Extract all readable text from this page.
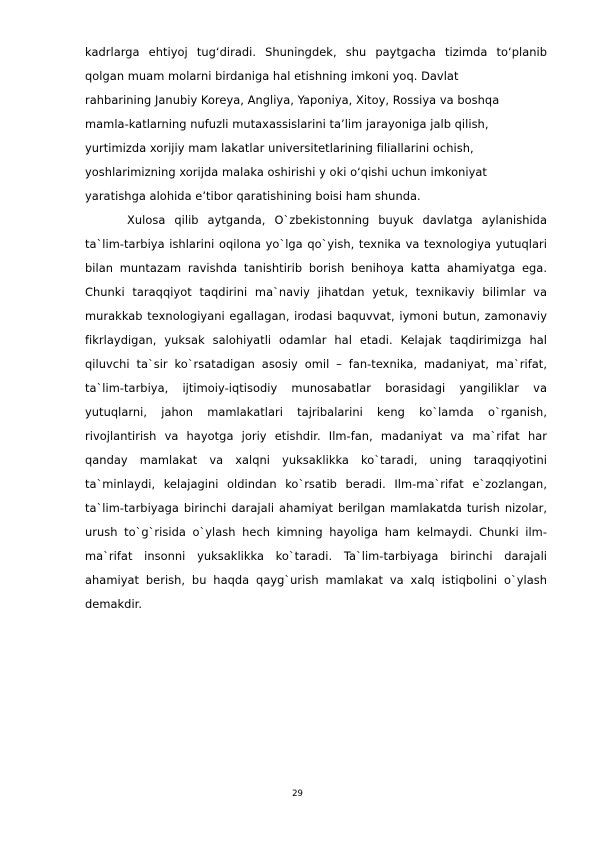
kadrlarga ehtiyoj tug‘diradi. Shuningdek, shu paytgacha tizimda to‘planib

qolgan muam molarni birdaniga hal etishning imkoni yoq. Davlat

rahbarining Janubiy Koreya, Angliya, Yaponiya, Xitoy, Rossiya va boshqa

mamla-katlarning nufuzli mutaxassislarini ta’lim jarayoniga jalb qilish,

yurtimizda xorijiy mam lakatlar universitetlarining filiallarini ochish,

yoshlarimizning xorijda malaka oshirishi y oki o‘qishi uchun imkoniyat

yaratishga alohida e’tibor qaratishining boisi ham shunda.

Xulosa qilib aytganda, O`zbekistonning buyuk davlatga aylanishida ta`lim-tarbiya ishlarini oqilona yo`lga qo`yish, texnika va texnologiya yutuqlari bilan muntazam ravishda tanishtirib borish benihoya katta ahamiyatga ega. Chunki taraqqiyot taqdirini ma`naviy jihatdan yetuk, texnikaviy bilimlar va murakkab texnologiyani egallagan, irodasi baquvvat, iymoni butun, zamonaviy fikrlaydigan, yuksak salohiyatli odamlar hal etadi. Kelajak taqdirimizga hal qiluvchi ta`sir ko`rsatadigan asosiy omil – fan-texnika, madaniyat, ma`rifat, ta`lim-tarbiya, ijtimoiy-iqtisodiy munosabatlar borasidagi yangiliklar va yutuqlarni, jahon mamlakatlari tajribalarini keng ko`lamda o`rganish, rivojlantirish va hayotga joriy etishdir. Ilm-fan, madaniyat va ma`rifat har qanday mamlakat va xalqni yuksaklikka ko`taradi, uning taraqqiyotini ta`minlaydi, kelajagini oldindan ko`rsatib beradi. Ilm-ma`rifat e`zozlangan, ta`lim-tarbiyaga birinchi darajali ahamiyat berilgan mamlakatda turish nizolar, urush to`g`risida o`ylash hech kimning hayoliga ham kelmaydi. Chunki ilm-ma`rifat insonni yuksaklikka ko`taradi. Ta`lim-tarbiyaga birinchi darajali ahamiyat berish, bu haqda qayg`urish mamlakat va xalq istiqbolini o`ylash demakdir.

29
